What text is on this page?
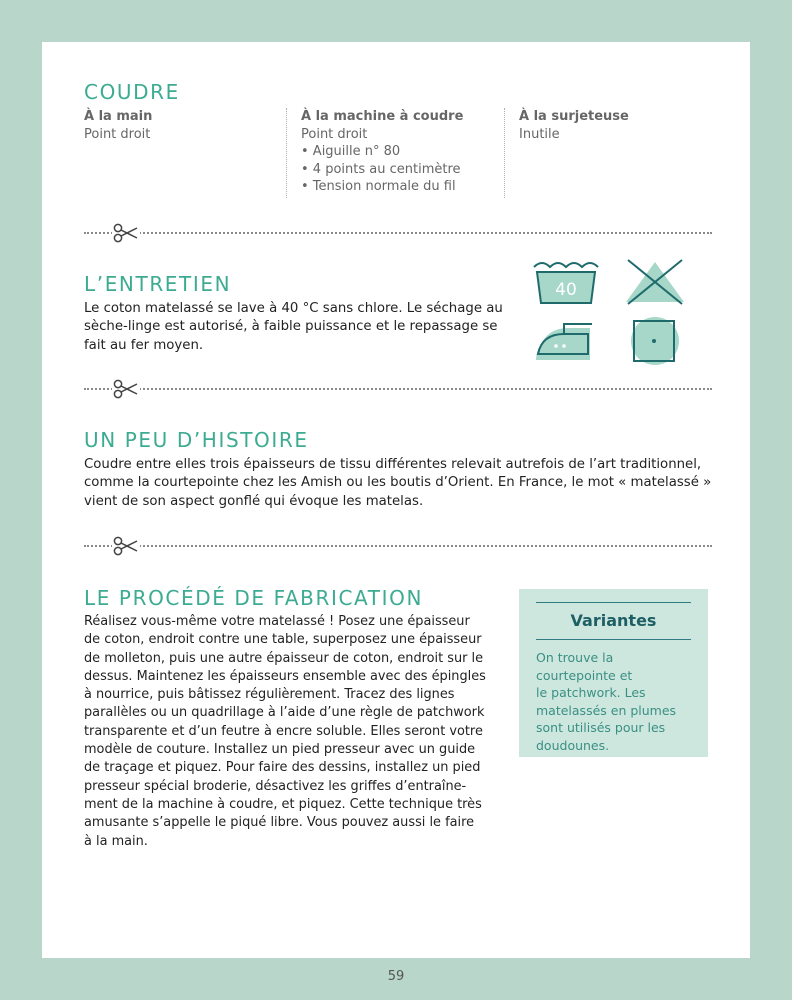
COUDRE
À la main
Point droit
À la machine à coudre
Point droit
• Aiguille n° 80
• 4 points au centimètre
• Tension normale du fil
À la surjeteuse
Inutile
L’ENTRETIEN
Le coton matelassé se lave à 40 °C sans chlore. Le séchage au
sèche-linge est autorisé, à faible puissance et le repassage se
fait au fer moyen.
40
UN PEU D’HISTOIRE
Coudre entre elles trois épaisseurs de tissu différentes relevait autrefois de l’art traditionnel,
comme la courtepointe chez les Amish ou les boutis d’Orient. En France, le mot « matelassé »
vient de son aspect gonflé qui évoque les matelas.
LE PROCÉDÉ DE FABRICATION
Réalisez vous-même votre matelassé ! Posez une épaisseur
de coton, endroit contre une table, superposez une épaisseur
de molleton, puis une autre épaisseur de coton, endroit sur le
dessus. Maintenez les épaisseurs ensemble avec des épingles
à nourrice, puis bâtissez régulièrement. Tracez des lignes
parallèles ou un quadrillage à l’aide d’une règle de patchwork
transparente et d’un feutre à encre soluble. Elles seront votre
modèle de couture. Installez un pied presseur avec un guide
de traçage et piquez. Pour faire des dessins, installez un pied
presseur spécial broderie, désactivez les griffes d’entraîne-
ment de la machine à coudre, et piquez. Cette technique très
amusante s’appelle le piqué libre. Vous pouvez aussi le faire
à la main.
Variantes
On trouve la
courtepointe et
le patchwork. Les
matelassés en plumes
sont utilisés pour les
doudounes.
59
